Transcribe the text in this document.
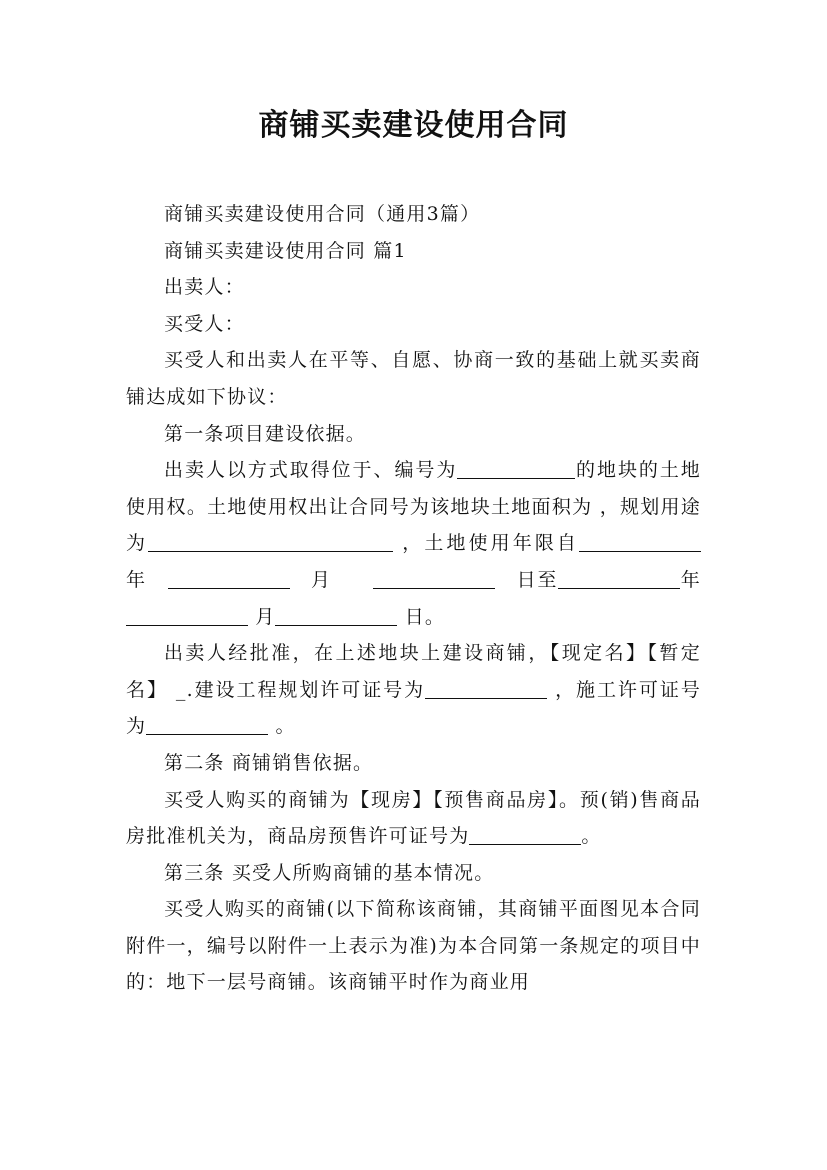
商铺买卖建设使用合同

商铺买卖建设使用合同（通用3篇）

商铺买卖建设使用合同 篇1

出卖人：

买受人：

买受人和出卖人在平等、自愿、协商一致的基础上就买卖商铺达成如下协议：

第一条项目建设依据。

出卖人以方式取得位于、编号为	的地块的土地使用权。土地使用权出让合同号为该地块土地面积为 ，规划用途为	，土地使用年限自　　年　　	月　　　	日至	年 月	日。

出卖人经批准，在上述地块上建设商铺，【现定名】【暂定名】 _.建设工程规划许可证号为	，施工许可证号为	。

第二条 商铺销售依据。

买受人购买的商铺为【现房】【预售商品房】。预(销)售商品房批准机关为，商品房预售许可证号为	。

第三条 买受人所购商铺的基本情况。

买受人购买的商铺(以下简称该商铺，其商铺平面图见本合同附件一，编号以附件一上表示为准)为本合同第一条规定的项目中的：地下一层号商铺。该商铺平时作为商业用
